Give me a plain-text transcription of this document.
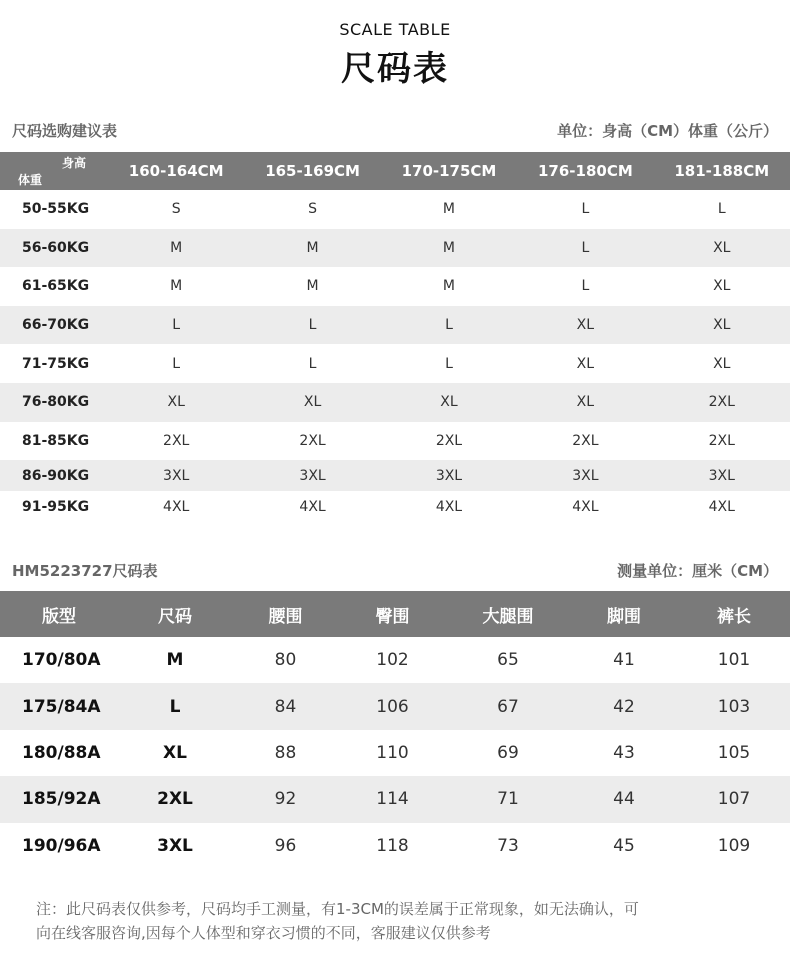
SCALE TABLE
尺码表
尺码选购建议表	单位：身高（CM）体重（公斤）
身高
体重	160-164CM	165-169CM	170-175CM	176-180CM	181-188CM
50-55KG	S	S	M	L	L
56-60KG	M	M	M	L	XL
61-65KG	M	M	M	L	XL
66-70KG	L	L	L	XL	XL
71-75KG	L	L	L	XL	XL
76-80KG	XL	XL	XL	XL	2XL
81-85KG	2XL	2XL	2XL	2XL	2XL
86-90KG	3XL	3XL	3XL	3XL	3XL
91-95KG	4XL	4XL	4XL	4XL	4XL
HM5223727尺码表	测量单位：厘米（CM）
版型	尺码	腰围	臀围	大腿围	脚围	裤长
170/80A	M	80	102	65	41	101
175/84A	L	84	106	67	42	103
180/88A	XL	88	110	69	43	105
185/92A	2XL	92	114	71	44	107
190/96A	3XL	96	118	73	45	109
注：此尺码表仅供参考，尺码均手工测量，有1-3CM的误差属于正常现象，如无法确认，可
向在线客服咨询,因每个人体型和穿衣习惯的不同，客服建议仅供参考
